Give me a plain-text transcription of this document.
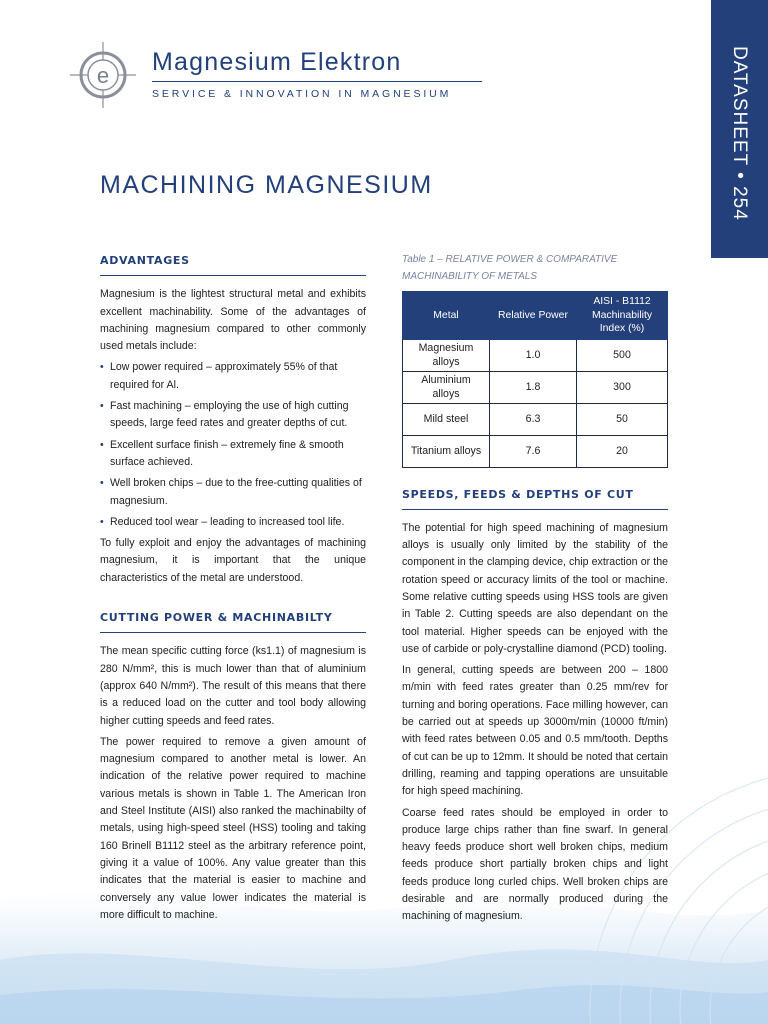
e Magnesium Elektron
SERVICE & INNOVATION IN MAGNESIUM	DATASHEET • 254
MACHINING MAGNESIUM
ADVANTAGES

Magnesium is the lightest structural metal and exhibits excellent machinability. Some of the advantages of machining magnesium compared to other commonly used metals include:

• Low power required – approximately 55% of that required for Al.
• Fast machining – employing the use of high cutting speeds, large feed rates and greater depths of cut.
• Excellent surface finish – extremely fine & smooth surface achieved.
• Well broken chips – due to the free-cutting qualities of magnesium.
• Reduced tool wear – leading to increased tool life.

To fully exploit and enjoy the advantages of machining magnesium, it is important that the unique characteristics of the metal are understood.

CUTTING POWER & MACHINABILTY

The mean specific cutting force (ks1.1) of magnesium is 280 N/mm², this is much lower than that of aluminium (approx 640 N/mm²). The result of this means that there is a reduced load on the cutter and tool body allowing higher cutting speeds and feed rates.

The power required to remove a given amount of magnesium compared to another metal is lower. An indication of the relative power required to machine various metals is shown in Table 1. The American Iron and Steel Institute (AISI) also ranked the machinabilty of metals, using high-speed steel (HSS) tooling and taking 160 Brinell B1112 steel as the arbitrary reference point, giving it a value of 100%. Any value greater than this indicates that the material is easier to machine and conversely any value lower indicates the material is more difficult to machine.

Table 1 – RELATIVE POWER & COMPARATIVE
MACHINABILITY OF METALS
Metal	Relative Power	AISI - B1112 Machinability Index (%)
Magnesium alloys	1.0	500
Aluminium alloys	1.8	300
Mild steel	6.3	50
Titanium alloys	7.6	20
SPEEDS, FEEDS & DEPTHS OF CUT

The potential for high speed machining of magnesium alloys is usually only limited by the stability of the component in the clamping device, chip extraction or the rotation speed or accuracy limits of the tool or machine. Some relative cutting speeds using HSS tools are given in Table 2. Cutting speeds are also dependant on the tool material. Higher speeds can be enjoyed with the use of carbide or poly-crystalline diamond (PCD) tooling.

In general, cutting speeds are between 200 – 1800 m/min with feed rates greater than 0.25 mm/rev for turning and boring operations. Face milling however, can be carried out at speeds up 3000m/min (10000 ft/min) with feed rates between 0.05 and 0.5 mm/tooth. Depths of cut can be up to 12mm. It should be noted that certain drilling, reaming and tapping operations are unsuitable for high speed machining.

Coarse feed rates should be employed in order to produce large chips rather than fine swarf. In general heavy feeds produce short well broken chips, medium feeds produce short partially broken chips and light feeds produce long curled chips. Well broken chips are desirable and are normally produced during the machining of magnesium.
